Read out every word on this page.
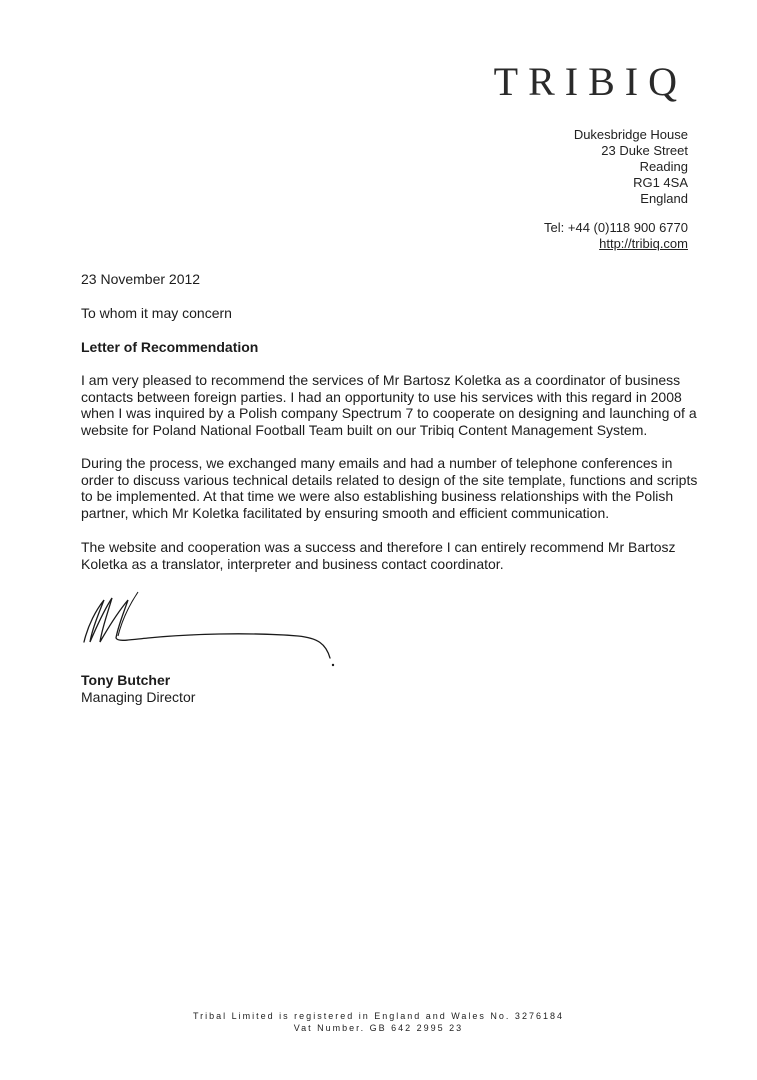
TRIBIQ
Dukesbridge House
23 Duke Street
Reading
RG1 4SA
England
Tel: +44 (0)118 900 6770
http://tribiq.com
23 November 2012
To whom it may concern
Letter of Recommendation
I am very pleased to recommend the services of Mr Bartosz Koletka as a coordinator of business contacts between foreign parties. I had an opportunity to use his services with this regard in 2008 when I was inquired by a Polish company Spectrum 7 to cooperate on designing and launching of a website for Poland National Football Team built on our Tribiq Content Management System.
During the process, we exchanged many emails and had a number of telephone conferences in order to discuss various technical details related to design of the site template, functions and scripts to be implemented. At that time we were also establishing business relationships with the Polish partner, which Mr Koletka facilitated by ensuring smooth and efficient communication.
The website and cooperation was a success and therefore I can entirely recommend Mr Bartosz Koletka as a translator, interpreter and business contact coordinator.
Tony Butcher
Managing Director
Tribal Limited is registered in England and Wales No. 3276184
Vat Number. GB 642 2995 23
